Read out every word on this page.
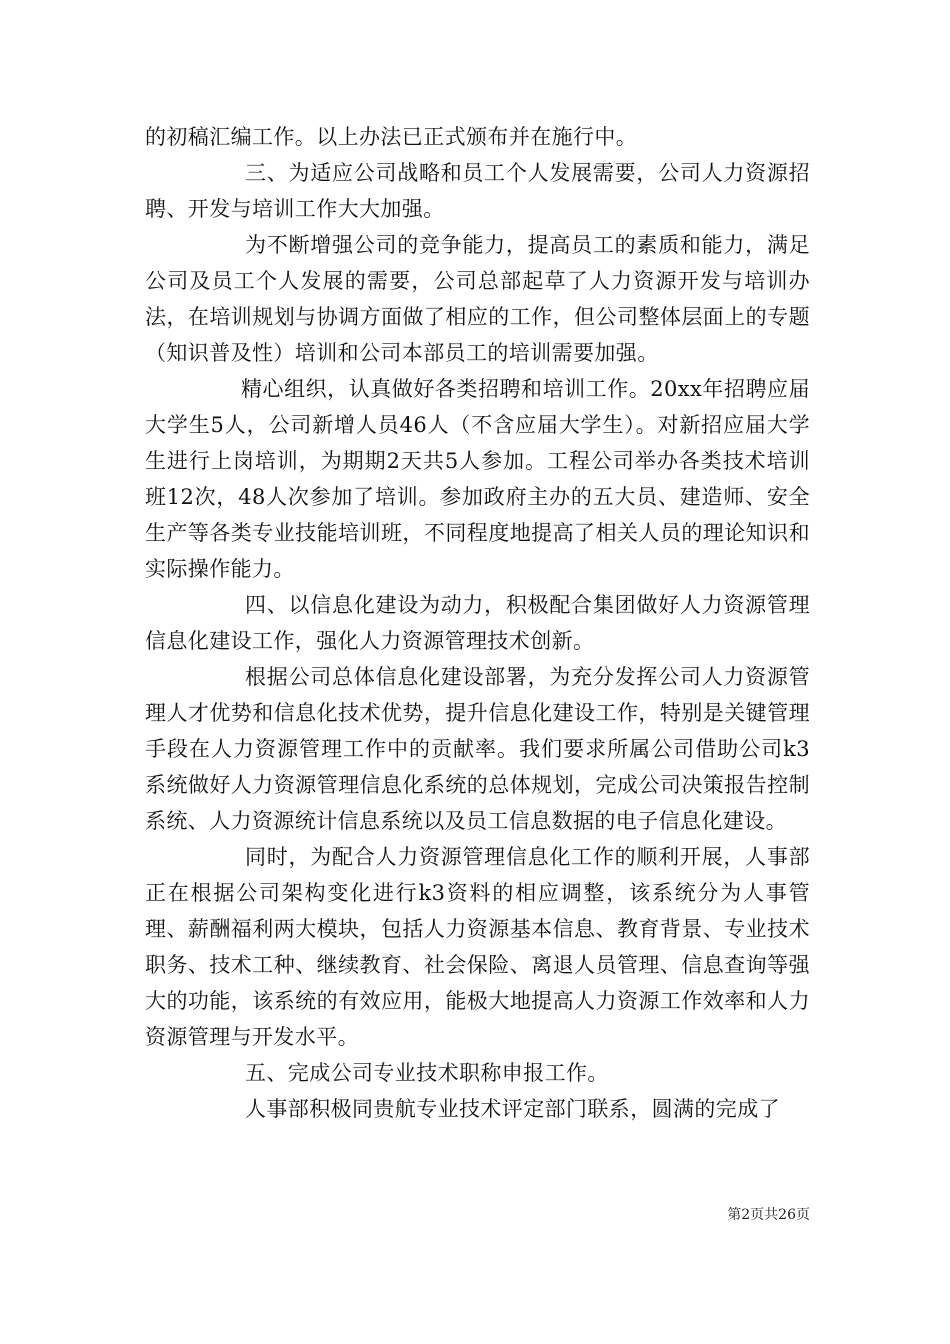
的初稿汇编工作。以上办法已正式颁布并在施行中。

三、为适应公司战略和员工个人发展需要，公司人力资源招聘、开发与培训工作大大加强。

为不断增强公司的竞争能力，提高员工的素质和能力，满足公司及员工个人发展的需要，公司总部起草了人力资源开发与培训办法，在培训规划与协调方面做了相应的工作，但公司整体层面上的专题（知识普及性）培训和公司本部员工的培训需要加强。

精心组织，认真做好各类招聘和培训工作。20xx年招聘应届大学生5人，公司新增人员46人（不含应届大学生）。对新招应届大学生进行上岗培训，为期期2天共5人参加。工程公司举办各类技术培训班12次，48人次参加了培训。参加政府主办的五大员、建造师、安全生产等各类专业技能培训班，不同程度地提高了相关人员的理论知识和实际操作能力。

四、以信息化建设为动力，积极配合集团做好人力资源管理信息化建设工作，强化人力资源管理技术创新。

根据公司总体信息化建设部署，为充分发挥公司人力资源管理人才优势和信息化技术优势，提升信息化建设工作，特别是关键管理手段在人力资源管理工作中的贡献率。我们要求所属公司借助公司k3系统做好人力资源管理信息化系统的总体规划，完成公司决策报告控制系统、人力资源统计信息系统以及员工信息数据的电子信息化建设。

同时，为配合人力资源管理信息化工作的顺利开展，人事部正在根据公司架构变化进行k3资料的相应调整，该系统分为人事管理、薪酬福利两大模块，包括人力资源基本信息、教育背景、专业技术职务、技术工种、继续教育、社会保险、离退人员管理、信息查询等强大的功能，该系统的有效应用，能极大地提高人力资源工作效率和人力资源管理与开发水平。

五、完成公司专业技术职称申报工作。

人事部积极同贵航专业技术评定部门联系，圆满的完成了

第2页共26页
